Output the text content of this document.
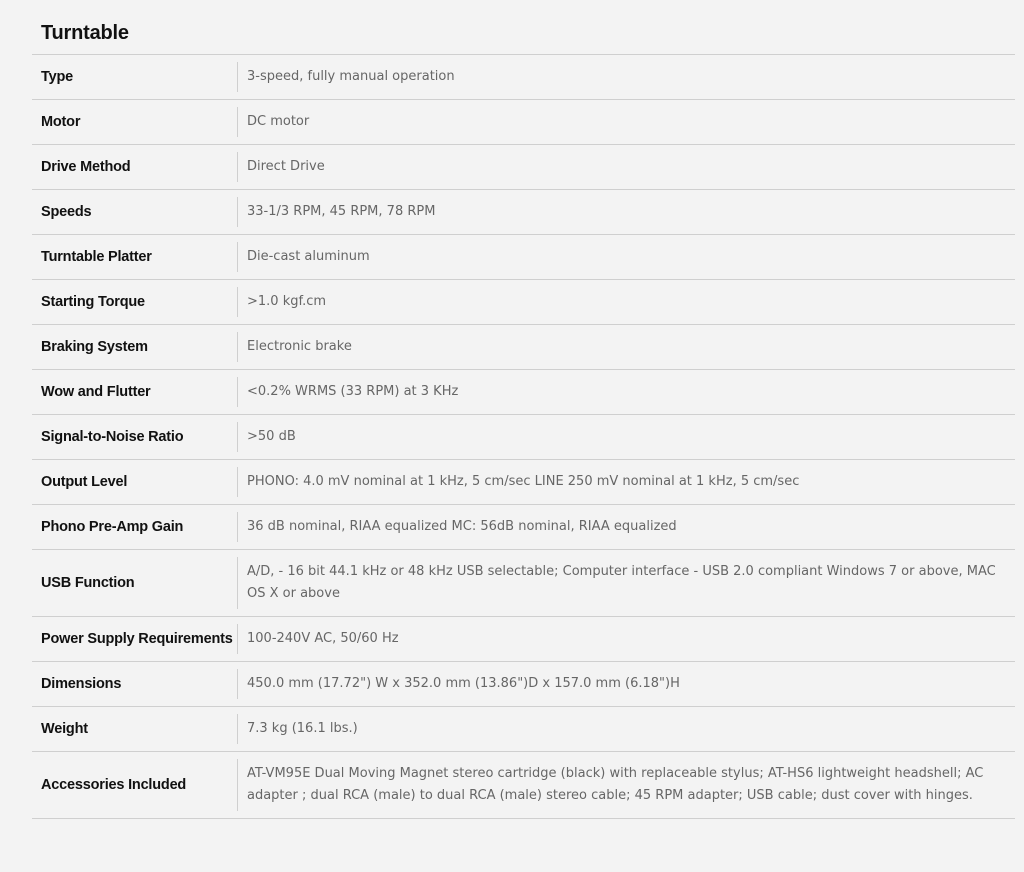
Turntable
Type	3-speed, fully manual operation

Motor	DC motor

Drive Method	Direct Drive

Speeds	33-1/3 RPM, 45 RPM, 78 RPM

Turntable Platter	Die-cast aluminum

Starting Torque	>1.0 kgf.cm

Braking System	Electronic brake

Wow and Flutter	<0.2% WRMS (33 RPM) at 3 KHz

Signal-to-Noise Ratio	>50 dB

Output Level	PHONO: 4.0 mV nominal at 1 kHz, 5 cm/sec LINE 250 mV nominal at 1 kHz, 5 cm/sec

Phono Pre-Amp Gain	36 dB nominal, RIAA equalized MC: 56dB nominal, RIAA equalized

USB Function	A/D, - 16 bit 44.1 kHz or 48 kHz USB selectable; Computer interface - USB 2.0 compliant Windows 7 or above, MAC OS X or above

Power Supply Requirements	100-240V AC, 50/60 Hz

Dimensions	450.0 mm (17.72") W x 352.0 mm (13.86")D x 157.0 mm (6.18")H

Weight	7.3 kg (16.1 lbs.)

Accessories Included	AT-VM95E Dual Moving Magnet stereo cartridge (black) with replaceable stylus; AT-HS6 lightweight headshell; AC adapter ; dual RCA (male) to dual RCA (male) stereo cable; 45 RPM adapter; USB cable; dust cover with hinges.
